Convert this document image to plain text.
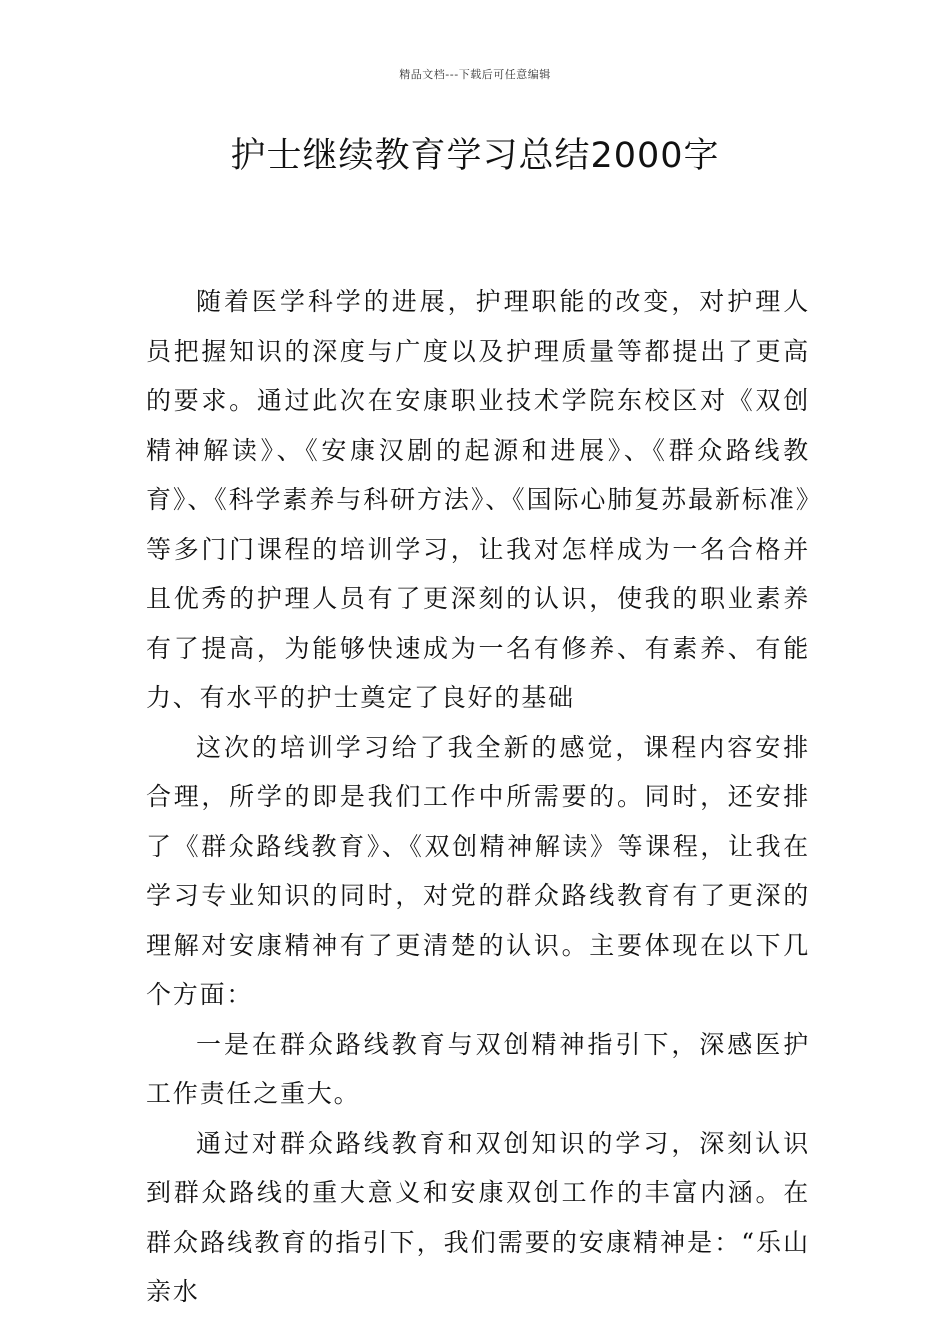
精品文档---下载后可任意编辑
护士继续教育学习总结2000字

随着医学科学的进展，护理职能的改变，对护理人员把握知识的深度与广度以及护理质量等都提出了更高的要求。通过此次在安康职业技术学院东校区对《双创精神解读》、《安康汉剧的起源和进展》、《群众路线教育》、《科学素养与科研方法》、《国际心肺复苏最新标准》等多门门课程的培训学习，让我对怎样成为一名合格并且优秀的护理人员有了更深刻的认识，使我的职业素养有了提高，为能够快速成为一名有修养、有素养、有能力、有水平的护士奠定了良好的基础

这次的培训学习给了我全新的感觉，课程内容安排合理，所学的即是我们工作中所需要的。同时，还安排了《群众路线教育》、《双创精神解读》等课程，让我在学习专业知识的同时，对党的群众路线教育有了更深的理解对安康精神有了更清楚的认识。主要体现在以下几个方面：

一是在群众路线教育与双创精神指引下，深感医护工作责任之重大。

通过对群众路线教育和双创知识的学习，深刻认识到群众路线的重大意义和安康双创工作的丰富内涵。在群众路线教育的指引下，我们需要的安康精神是：“乐山亲水
